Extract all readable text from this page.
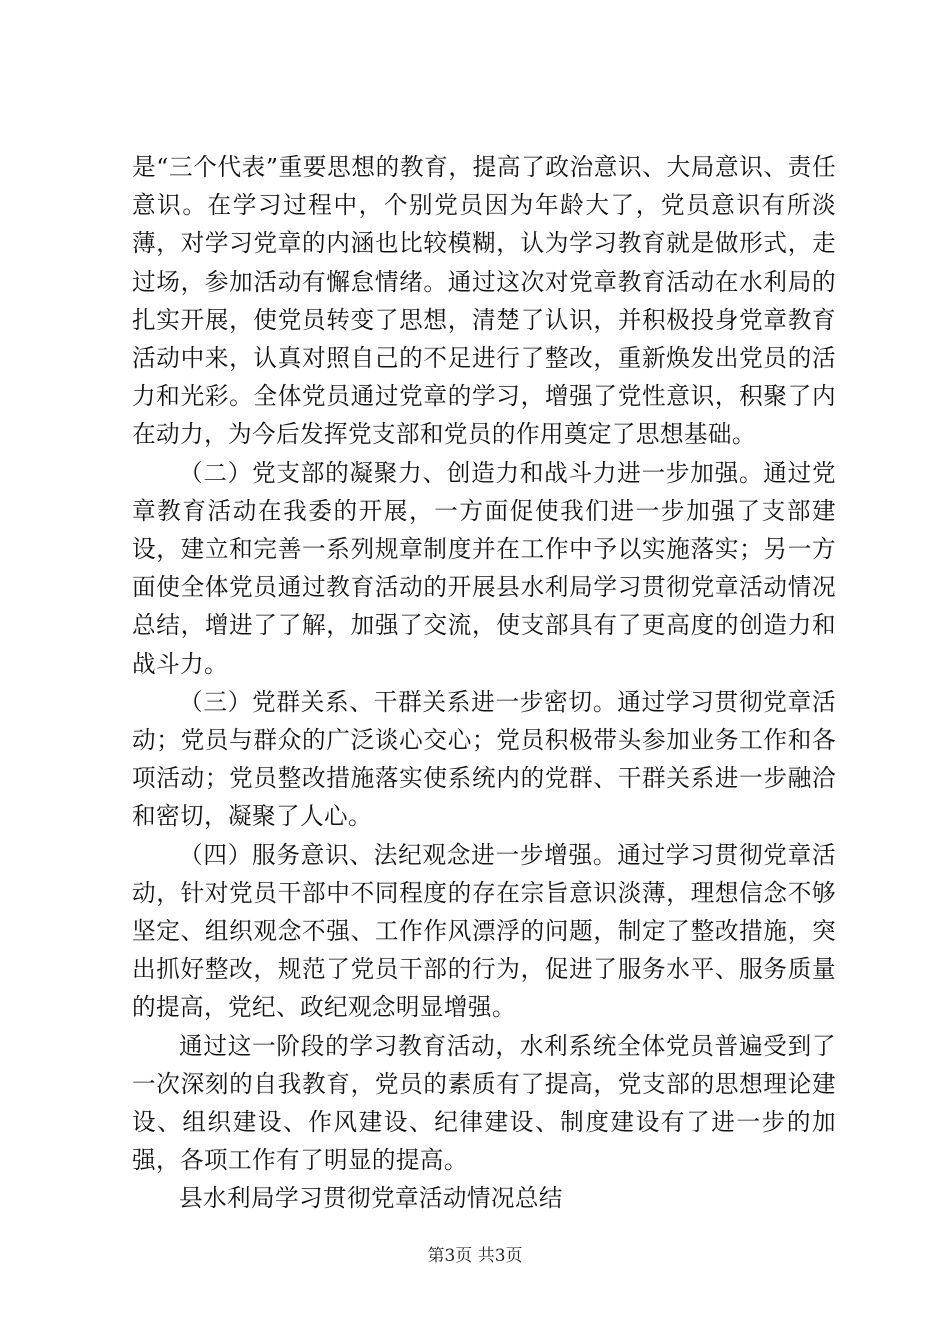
是“三个代表”重要思想的教育，提高了政治意识、大局意识、责任意识。在学习过程中，个别党员因为年龄大了，党员意识有所淡薄，对学习党章的内涵也比较模糊，认为学习教育就是做形式，走过场，参加活动有懈怠情绪。通过这次对党章教育活动在水利局的扎实开展，使党员转变了思想，清楚了认识，并积极投身党章教育活动中来，认真对照自己的不足进行了整改，重新焕发出党员的活力和光彩。全体党员通过党章的学习，增强了党性意识，积聚了内在动力，为今后发挥党支部和党员的作用奠定了思想基础。

（二）党支部的凝聚力、创造力和战斗力进一步加强。通过党章教育活动在我委的开展，一方面促使我们进一步加强了支部建设，建立和完善一系列规章制度并在工作中予以实施落实；另一方面使全体党员通过教育活动的开展县水利局学习贯彻党章活动情况总结，增进了了解，加强了交流，使支部具有了更高度的创造力和战斗力。

（三）党群关系、干群关系进一步密切。通过学习贯彻党章活动；党员与群众的广泛谈心交心；党员积极带头参加业务工作和各项活动；党员整改措施落实使系统内的党群、干群关系进一步融洽和密切，凝聚了人心。

（四）服务意识、法纪观念进一步增强。通过学习贯彻党章活动，针对党员干部中不同程度的存在宗旨意识淡薄，理想信念不够坚定、组织观念不强、工作作风漂浮的问题，制定了整改措施，突出抓好整改，规范了党员干部的行为，促进了服务水平、服务质量的提高，党纪、政纪观念明显增强。

通过这一阶段的学习教育活动，水利系统全体党员普遍受到了一次深刻的自我教育，党员的素质有了提高，党支部的思想理论建设、组织建设、作风建设、纪律建设、制度建设有了进一步的加强，各项工作有了明显的提高。

县水利局学习贯彻党章活动情况总结

第3页 共3页
